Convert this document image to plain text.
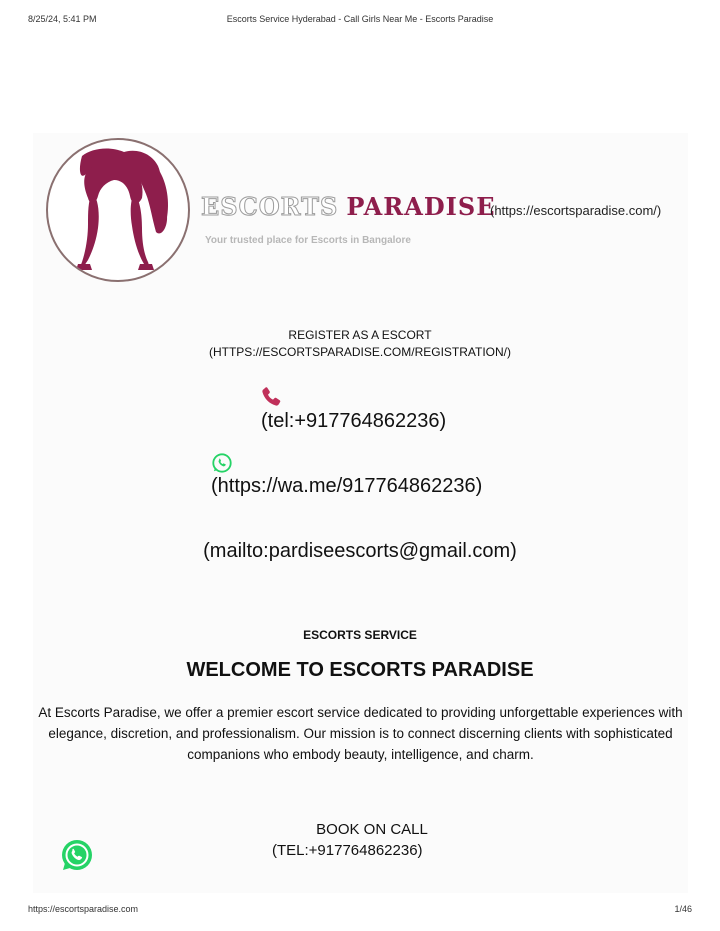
8/25/24, 5:41 PM	Escorts Service Hyderabad - Call Girls Near Me - Escorts Paradise
ESCORTS PARADISE
Your trusted place for Escorts in Bangalore
(https://escortsparadise.com/)
REGISTER AS A ESCORT
(HTTPS://ESCORTSPARADISE.COM/REGISTRATION/)
(tel:+917764862236)
(https://wa.me/917764862236)
(mailto:pardiseescorts@gmail.com)
ESCORTS SERVICE
WELCOME TO ESCORTS PARADISE

At Escorts Paradise, we offer a premier escort service dedicated to providing unforgettable experiences with elegance, discretion, and professionalism. Our mission is to connect discerning clients with sophisticated companions who embody beauty, intelligence, and charm.

BOOK ON CALL
(TEL:+917764862236)
https://escortsparadise.com	1/46
